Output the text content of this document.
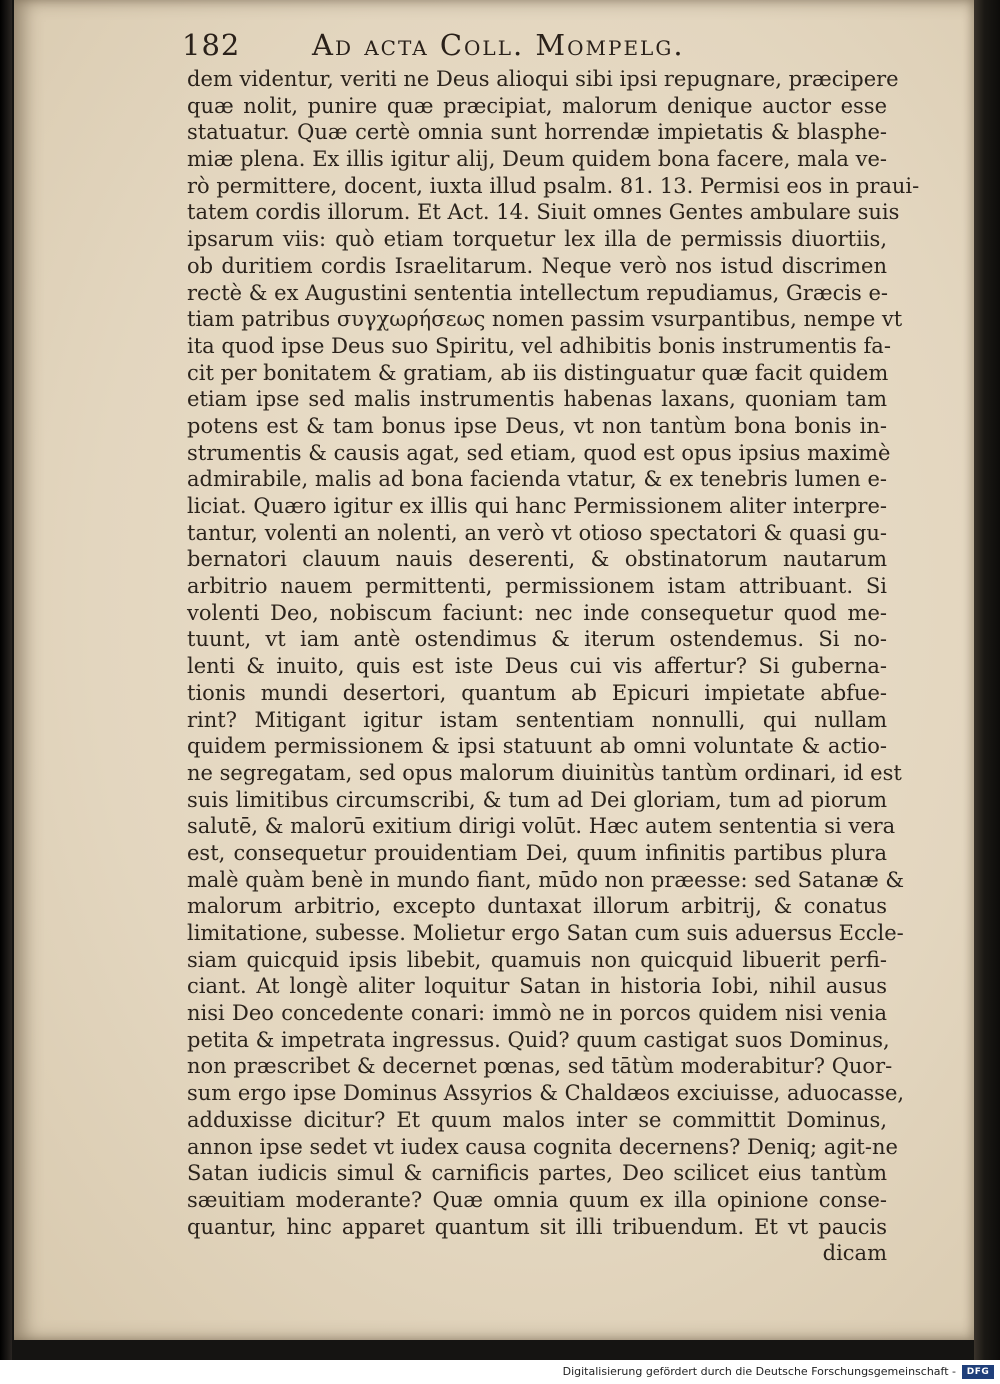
182 Ad acta Coll. Mompelg.
dem videntur, veriti ne Deus alioqui sibi ipsi repugnare, præcipere
quæ nolit, punire quæ præcipiat, malorum denique auctor esse
statuatur. Quæ certè omnia sunt horrendæ impietatis & blasphe-
miæ plena. Ex illis igitur alij, Deum quidem bona facere, mala ve-
rò permittere, docent, iuxta illud psalm. 81. 13. Permisi eos in praui-
tatem cordis illorum. Et Act. 14. Siuit omnes Gentes ambulare suis
ipsarum viis: quò etiam torquetur lex illa de permissis diuortiis,
ob duritiem cordis Israelitarum. Neque verò nos istud discrimen
rectè & ex Augustini sententia intellectum repudiamus, Græcis e-
tiam patribus συγχωρήσεως nomen passim vsurpantibus, nempe vt
ita quod ipse Deus suo Spiritu, vel adhibitis bonis instrumentis fa-
cit per bonitatem & gratiam, ab iis distinguatur quæ facit quidem
etiam ipse sed malis instrumentis habenas laxans, quoniam tam
potens est & tam bonus ipse Deus, vt non tantùm bona bonis in-
strumentis & causis agat, sed etiam, quod est opus ipsius maximè
admirabile, malis ad bona facienda vtatur, & ex tenebris lumen e-
liciat. Quæro igitur ex illis qui hanc Permissionem aliter interpre-
tantur, volenti an nolenti, an verò vt otioso spectatori & quasi gu-
bernatori clauum nauis deserenti, & obstinatorum nautarum
arbitrio nauem permittenti, permissionem istam attribuant. Si
volenti Deo, nobiscum faciunt: nec inde consequetur quod me-
tuunt, vt iam antè ostendimus & iterum ostendemus. Si no-
lenti & inuito, quis est iste Deus cui vis affertur? Si guberna-
tionis mundi desertori, quantum ab Epicuri impietate abfue-
rint? Mitigant igitur istam sententiam nonnulli, qui nullam
quidem permissionem & ipsi statuunt ab omni voluntate & actio-
ne segregatam, sed opus malorum diuinitùs tantùm ordinari, id est
suis limitibus circumscribi, & tum ad Dei gloriam, tum ad piorum
salutē, & malorū exitium dirigi volūt. Hæc autem sententia si vera
est, consequetur prouidentiam Dei, quum infinitis partibus plura
malè quàm benè in mundo fiant, mūdo non præesse: sed Satanæ &
malorum arbitrio, excepto duntaxat illorum arbitrij, & conatus
limitatione, subesse. Molietur ergo Satan cum suis aduersus Eccle-
siam quicquid ipsis libebit, quamuis non quicquid libuerit perfi-
ciant. At longè aliter loquitur Satan in historia Iobi, nihil ausus
nisi Deo concedente conari: immò ne in porcos quidem nisi venia
petita & impetrata ingressus. Quid? quum castigat suos Dominus,
non præscribet & decernet pœnas, sed tātùm moderabitur? Quor-
sum ergo ipse Dominus Assyrios & Chaldæos exciuisse, aduocasse,
adduxisse dicitur? Et quum malos inter se committit Dominus,
annon ipse sedet vt iudex causa cognita decernens? Deniq; agit-ne
Satan iudicis simul & carnificis partes, Deo scilicet eius tantùm
sæuitiam moderante? Quæ omnia quum ex illa opinione conse-
quantur, hinc apparet quantum sit illi tribuendum. Et vt paucis
dicam
Digitalisierung gefördert durch die Deutsche Forschungsgemeinschaft -	DFG
